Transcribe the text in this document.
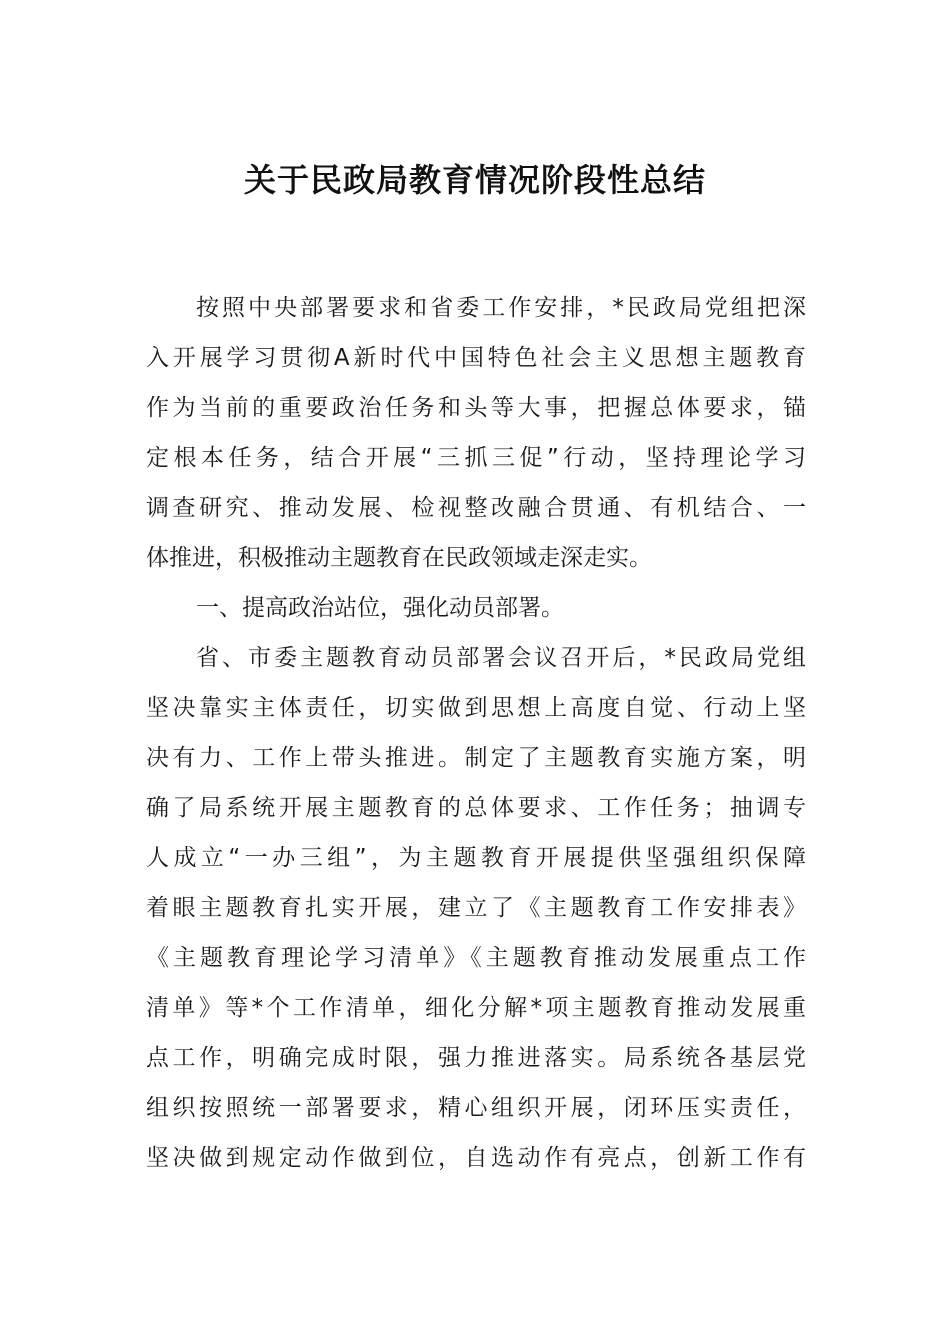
关于民政局教育情况阶段性总结
按照中央部署要求和省委工作安排，*民政局党组把深
入开展学习贯彻A新时代中国特色社会主义思想主题教育
作为当前的重要政治任务和头等大事，把握总体要求，锚
定根本任务，结合开展“三抓三促”行动，坚持理论学习
调查研究、推动发展、检视整改融合贯通、有机结合、一
体推进，积极推动主题教育在民政领域走深走实。
一、提高政治站位，强化动员部署。
省、市委主题教育动员部署会议召开后，*民政局党组
坚决靠实主体责任，切实做到思想上高度自觉、行动上坚
决有力、工作上带头推进。制定了主题教育实施方案，明
确了局系统开展主题教育的总体要求、工作任务；抽调专
人成立“一办三组”，为主题教育开展提供坚强组织保障
着眼主题教育扎实开展，建立了《主题教育工作安排表》
《主题教育理论学习清单》《主题教育推动发展重点工作
清单》等*个工作清单，细化分解*项主题教育推动发展重
点工作，明确完成时限，强力推进落实。局系统各基层党
组织按照统一部署要求，精心组织开展，闭环压实责任，
坚决做到规定动作做到位，自选动作有亮点，创新工作有
